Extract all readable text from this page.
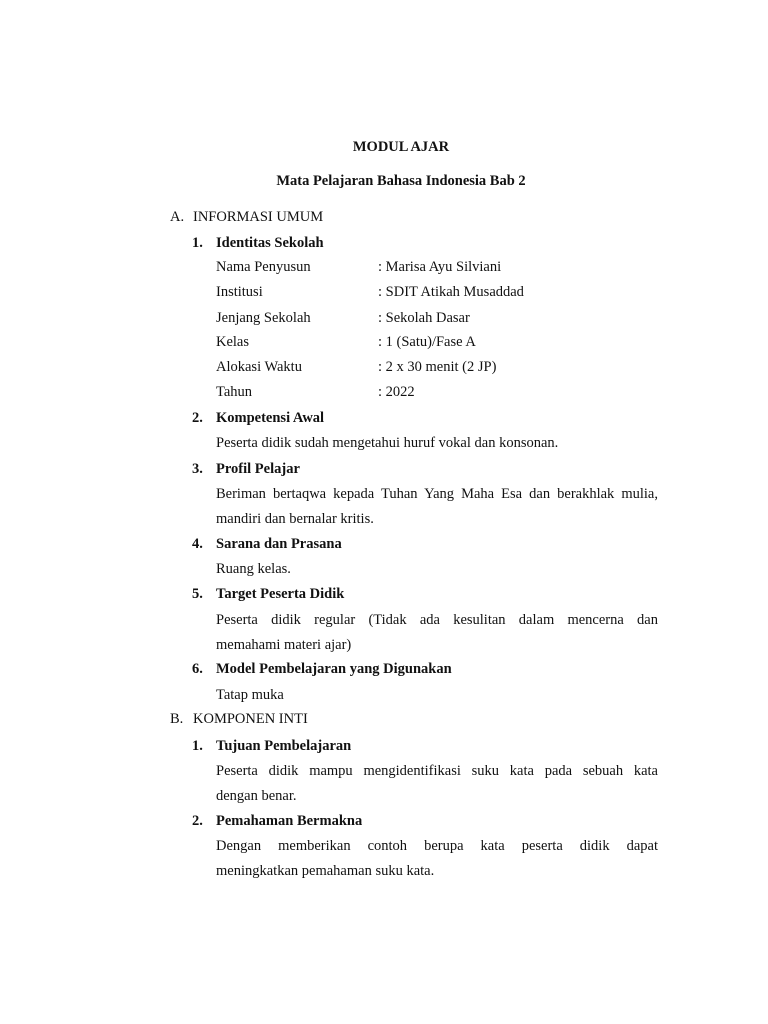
MODUL AJAR
Mata Pelajaran Bahasa Indonesia Bab 2
A. INFORMASI UMUM
1. Identitas Sekolah
Nama Penyusun	: Marisa Ayu Silviani
Institusi	: SDIT Atikah Musaddad
Jenjang Sekolah	: Sekolah Dasar
Kelas	: 1 (Satu)/Fase A
Alokasi Waktu	: 2 x 30 menit (2 JP)
Tahun	: 2022
2. Kompetensi Awal
Peserta didik sudah mengetahui huruf vokal dan konsonan.
3. Profil Pelajar
Beriman bertaqwa kepada Tuhan Yang Maha Esa dan berakhlak mulia,
mandiri dan bernalar kritis.
4. Sarana dan Prasana
Ruang kelas.
5. Target Peserta Didik
Peserta didik regular (Tidak ada kesulitan dalam mencerna dan
memahami materi ajar)
6. Model Pembelajaran yang Digunakan
Tatap muka
B. KOMPONEN INTI
1. Tujuan Pembelajaran
Peserta didik mampu mengidentifikasi suku kata pada sebuah kata
dengan benar.
2. Pemahaman Bermakna
Dengan memberikan contoh berupa kata peserta didik dapat
meningkatkan pemahaman suku kata.
